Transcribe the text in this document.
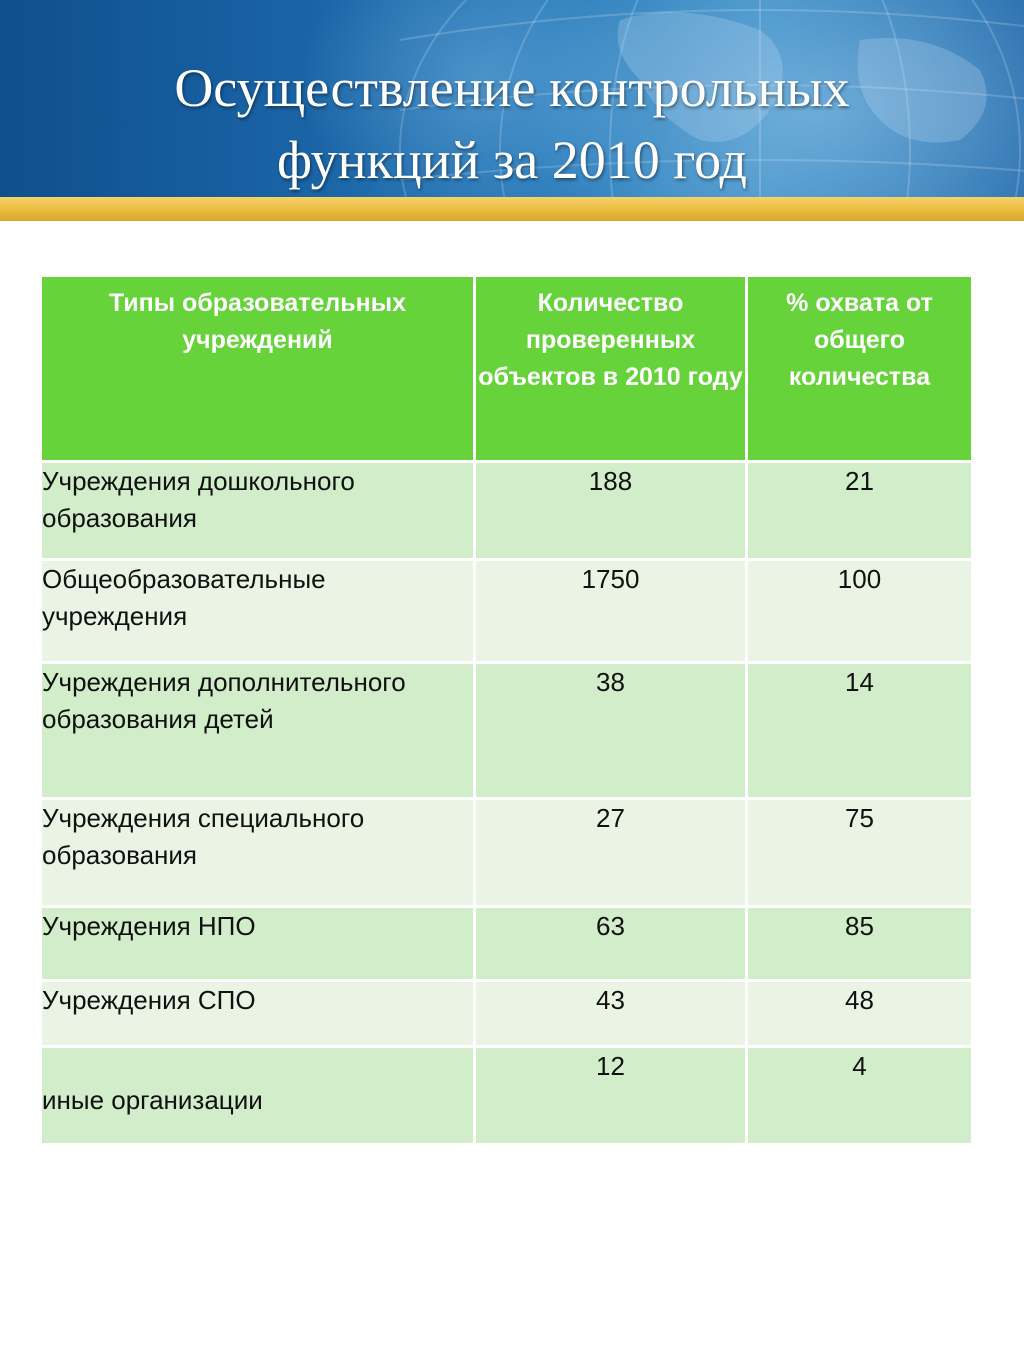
Осуществление контрольных
функций за 2010 год
Типы образовательных учреждений	Количество проверенных объектов в 2010 году	% охвата от общего количества
Учреждения дошкольного образования	188	21
Общеобразовательные учреждения	1750	100
Учреждения дополнительного образования детей	38	14
Учреждения специального образования	27	75
Учреждения НПО	63	85
Учреждения СПО	43	48
иные организации	12	4
